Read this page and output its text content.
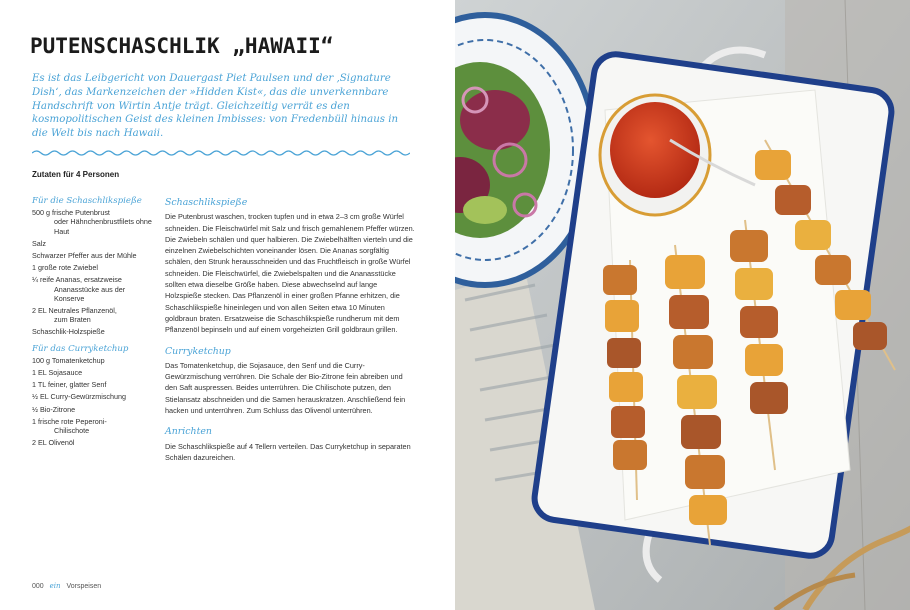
PUTENSCHASCHLIK „HAWAII“

Es ist das Leibgericht von Dauergast Piet Paulsen und der ‚Signature Dish‘, das Markenzeichen der »Hidden Kist«, das die unverkennbare Handschrift von Wirtin Antje trägt. Gleichzeitig verrät es den kosmopolitischen Geist des kleinen Imbisses: von Fredenbüll hinaus in die Welt bis nach Hawaii.

Zutaten für 4 Personen
Für die Schaschlikspieße
500 g frische Putenbrust
oder Hähnchenbrustfilets ohne Haut
Salz
Schwarzer Pfeffer aus der Mühle
1 große rote Zwiebel
¼ reife Ananas, ersatzweise
Ananasstücke aus der Konserve
2 EL Neutrales Pflanzenöl,
zum Braten
Schaschlik-Holzspieße
Für das Curryketchup
100 g Tomatenketchup
1 EL Sojasauce
1 TL feiner, glatter Senf
½ EL Curry-Gewürzmischung
½ Bio-Zitrone
1 frische rote Peperoni-
Chilischote
2 EL Olivenöl
Schaschlikspieße

Die Putenbrust waschen, trocken tupfen und in etwa 2–3 cm große Würfel schneiden. Die Fleischwürfel mit Salz und frisch gemahlenem Pfeffer würzen. Die Zwiebeln schälen und quer halbieren. Die Zwiebelhälften vierteln und die einzelnen Zwiebelschichten voneinander lösen. Die Ananas sorgfältig schälen, den Strunk herausschneiden und das Fruchtfleisch in große Würfel schneiden. Die Fleischwürfel, die Zwiebelspalten und die Ananasstücke sollten etwa dieselbe Größe haben. Diese abwechselnd auf lange Holzspieße stecken. Das Pflanzenöl in einer großen Pfanne erhitzen, die Schaschlikspieße hineinlegen und von allen Seiten etwa 10 Minuten goldbraun braten. Ersatzweise die Schaschlikspieße rundherum mit dem Pflanzenöl bepinseln und auf einem vorgeheizten Grill goldbraun grillen.

Curryketchup

Das Tomatenketchup, die Sojasauce, den Senf und die Curry-Gewürzmischung verrühren. Die Schale der Bio-Zitrone fein abreiben und den Saft auspressen. Beides unterrühren. Die Chilischote putzen, den Stielansatz abschneiden und die Samen herauskratzen. Anschließend fein hacken und unterrühren. Zum Schluss das Olivenöl unterrühren.

Anrichten

Die Schaschlikspieße auf 4 Tellern verteilen. Das Curryketchup in separaten Schälen dazureichen.

000 ein Vorspeisen
